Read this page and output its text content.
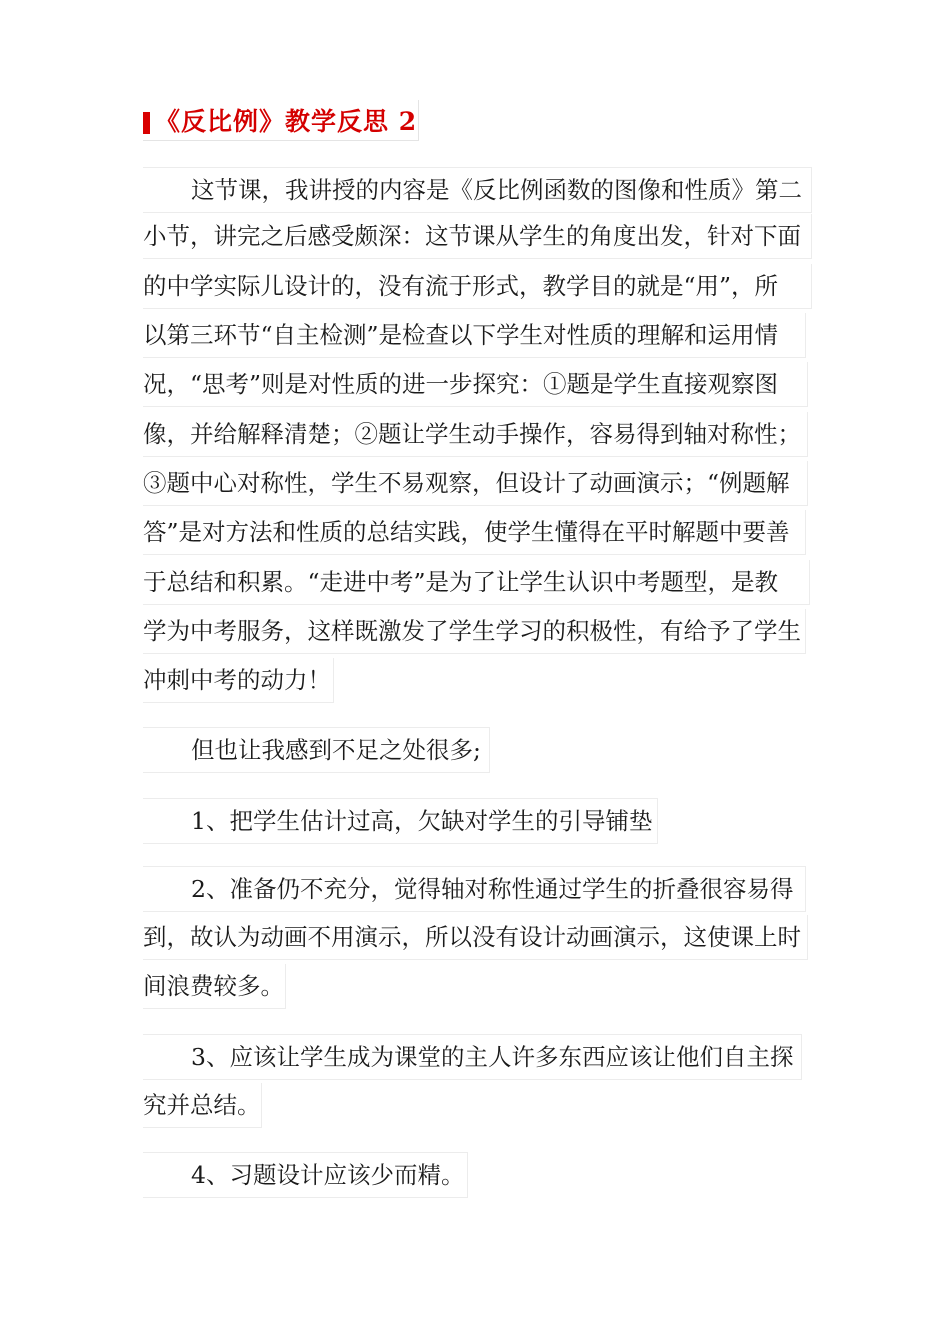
《反比例》教学反思 2
这节课，我讲授的内容是《反比例函数的图像和性质》第二
小节，讲完之后感受颇深：这节课从学生的角度出发，针对下面
的中学实际儿设计的，没有流于形式，教学目的就是“用”，所
以第三环节“自主检测”是检查以下学生对性质的理解和运用情
况，“思考”则是对性质的进一步探究：①题是学生直接观察图
像，并给解释清楚；②题让学生动手操作，容易得到轴对称性；
③题中心对称性，学生不易观察，但设计了动画演示；“例题解
答”是对方法和性质的总结实践，使学生懂得在平时解题中要善
于总结和积累。“走进中考”是为了让学生认识中考题型，是教
学为中考服务，这样既激发了学生学习的积极性，有给予了学生
冲刺中考的动力！
但也让我感到不足之处很多;
1、把学生估计过高，欠缺对学生的引导铺垫
2、准备仍不充分，觉得轴对称性通过学生的折叠很容易得
到，故认为动画不用演示，所以没有设计动画演示，这使课上时
间浪费较多。
3、应该让学生成为课堂的主人许多东西应该让他们自主探
究并总结。
4、习题设计应该少而精。
